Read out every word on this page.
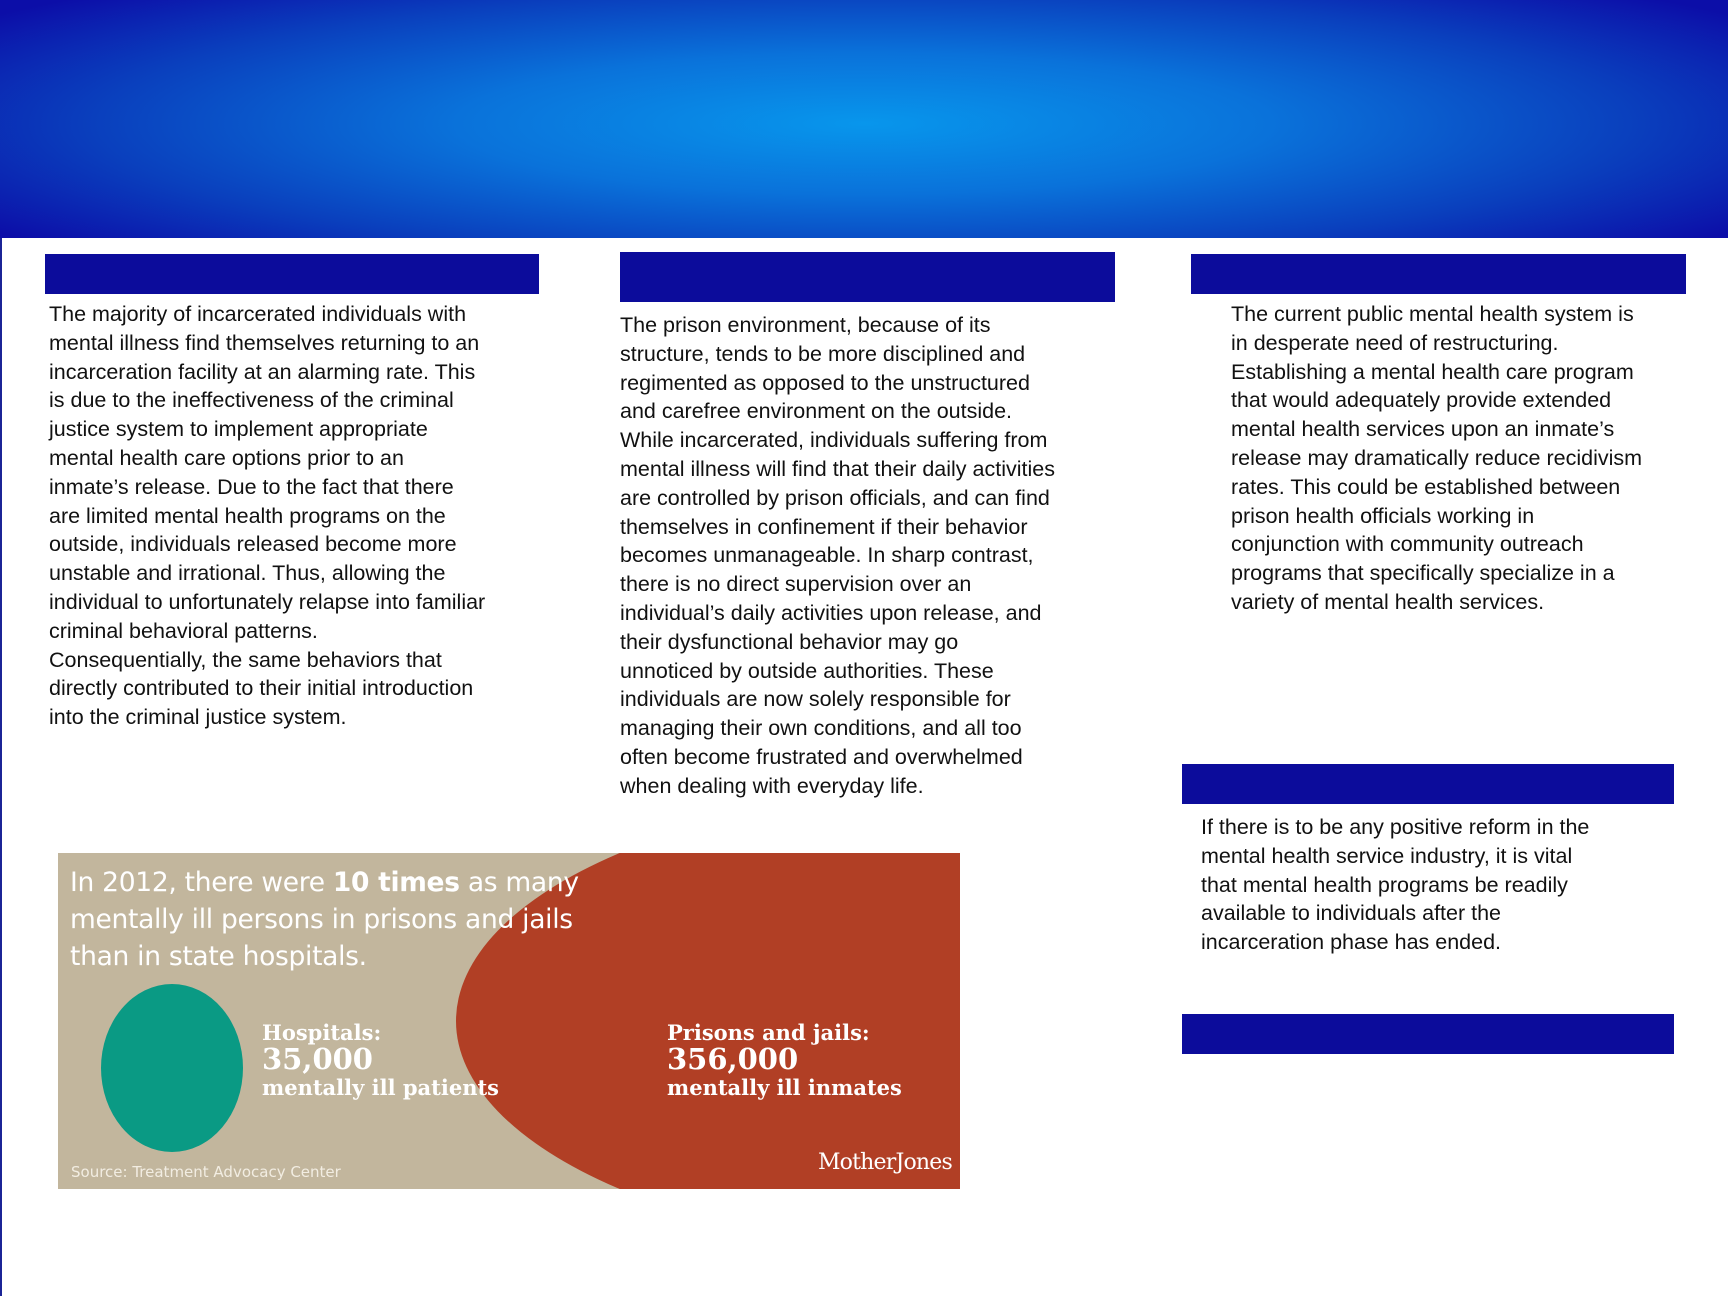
The majority of incarcerated individuals with
mental illness find themselves returning to an
incarceration facility at an alarming rate. This
is due to the ineffectiveness of the criminal
justice system to implement appropriate
mental health care options prior to an
inmate’s release. Due to the fact that there
are limited mental health programs on the
outside, individuals released become more
unstable and irrational. Thus, allowing the
individual to unfortunately relapse into familiar
criminal behavioral patterns.
Consequentially, the same behaviors that
directly contributed to their initial introduction
into the criminal justice system.

The prison environment, because of its
structure, tends to be more disciplined and
regimented as opposed to the unstructured
and carefree environment on the outside.
While incarcerated, individuals suffering from
mental illness will find that their daily activities
are controlled by prison officials, and can find
themselves in confinement if their behavior
becomes unmanageable. In sharp contrast,
there is no direct supervision over an
individual’s daily activities upon release, and
their dysfunctional behavior may go
unnoticed by outside authorities. These
individuals are now solely responsible for
managing their own conditions, and all too
often become frustrated and overwhelmed
when dealing with everyday life.

The current public mental health system is
in desperate need of restructuring.
Establishing a mental health care program
that would adequately provide extended
mental health services upon an inmate’s
release may dramatically reduce recidivism
rates. This could be established between
prison health officials working in
conjunction with community outreach
programs that specifically specialize in a
variety of mental health services.

If there is to be any positive reform in the
mental health service industry, it is vital
that mental health programs be readily
available to individuals after the
incarceration phase has ended.

In 2012, there were 10 times as many
mentally ill persons in prisons and jails
than in state hospitals.

Hospitals:
35,000
mentally ill patients
Prisons and jails:
356,000
mentally ill inmates

Source: Treatment Advocacy Center	MotherJones
